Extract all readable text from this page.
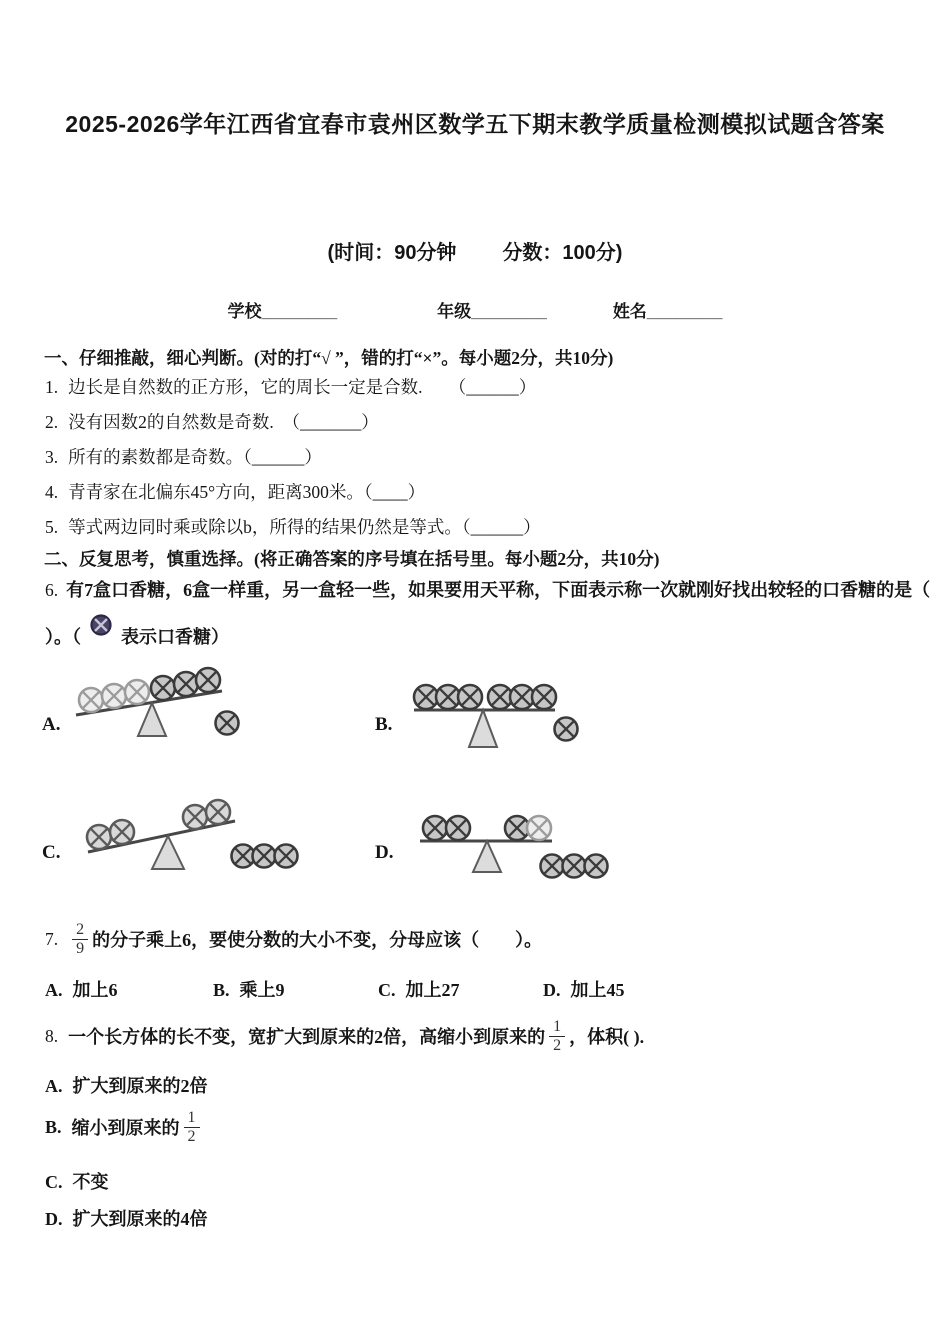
2025-2026学年江西省宜春市袁州区数学五下期末教学质量检测模拟试题含答案
(时间：90分钟 分数：100分)
学校________	年级________	姓名________
一、仔细推敲，细心判断。(对的打“√ ”，错的打“×”。每小题2分，共10分)
1. 边长是自然数的正方形，它的周长一定是合数.　　（______）
2. 没有因数2的自然数是奇数.　（_______）
3. 所有的素数都是奇数。（______）
4. 青青家在北偏东45°方向，距离300米。（____）
5. 等式两边同时乘或除以b，所得的结果仍然是等式。（______）
二、反复思考，慎重选择。(将正确答案的序号填在括号里。每小题2分，共10分)
6. 有7盒口香糖，6盒一样重，另一盒轻一些，如果要用天平称，下面表示称一次就刚好找出较轻的口香糖的是（
）。（ 表示口香糖）
A.	B.
C.	D.
7. $\frac{2}{9}$ 的分子乘上6，要使分数的大小不变，分母应该（　　）。
A. 加上6	B. 乘上9	C. 加上27	D. 加上45
8. 一个长方体的长不变，宽扩大到原来的2倍，高缩小到原来的 $\frac{1}{2}$ ，体积( ).
A. 扩大到原来的2倍
B. 缩小到原来的 $\frac{1}{2}$
C. 不变
D. 扩大到原来的4倍
